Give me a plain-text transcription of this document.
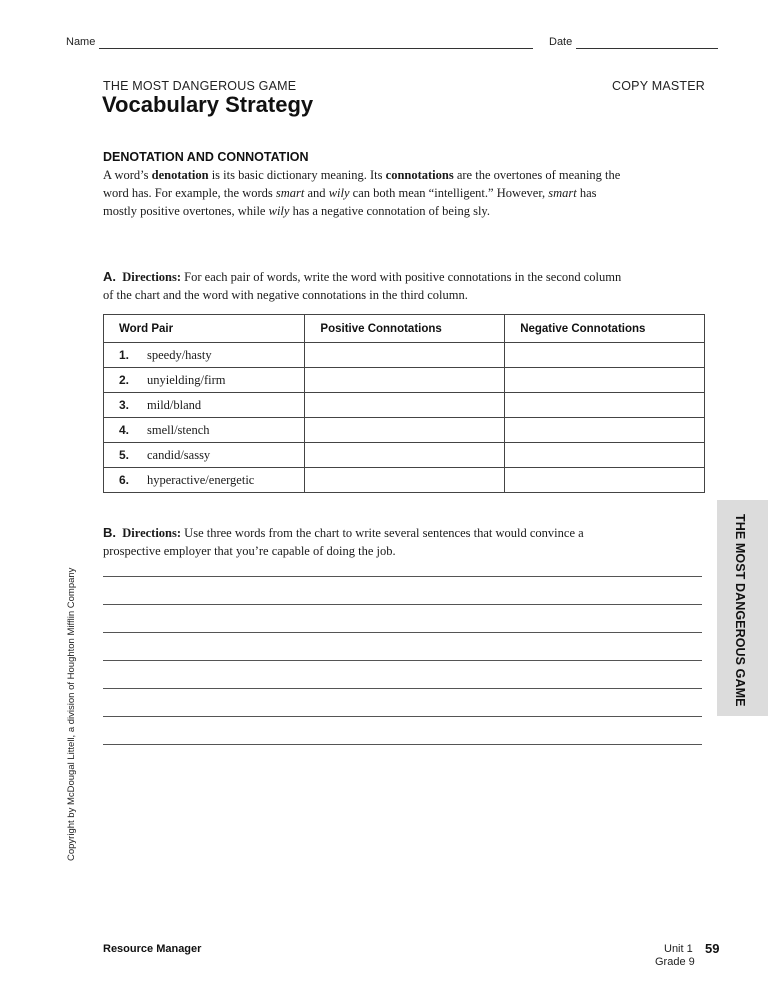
Name	Date
THE MOST DANGEROUS GAME	COPY MASTER
Vocabulary Strategy
DENOTATION AND CONNOTATION
A word’s denotation is its basic dictionary meaning. Its connotations are the overtones of meaning the word has. For example, the words smart and wily can both mean “intelligent.” However, smart has mostly positive overtones, while wily has a negative connotation of being sly.
A. Directions: For each pair of words, write the word with positive connotations in the second column of the chart and the word with negative connotations in the third column.
Word Pair	Positive Connotations	Negative Connotations
1. speedy/hasty		
2. unyielding/firm		
3. mild/bland		
4. smell/stench		
5. candid/sassy		
6. hyperactive/energetic		
B. Directions: Use three words from the chart to write several sentences that would convince a prospective employer that you’re capable of doing the job.	THE MOST DANGEROUS GAME
Copyright by McDougal Littell, a division of Houghton Mifflin Company
Resource Manager	Unit 1 59
Grade 9
